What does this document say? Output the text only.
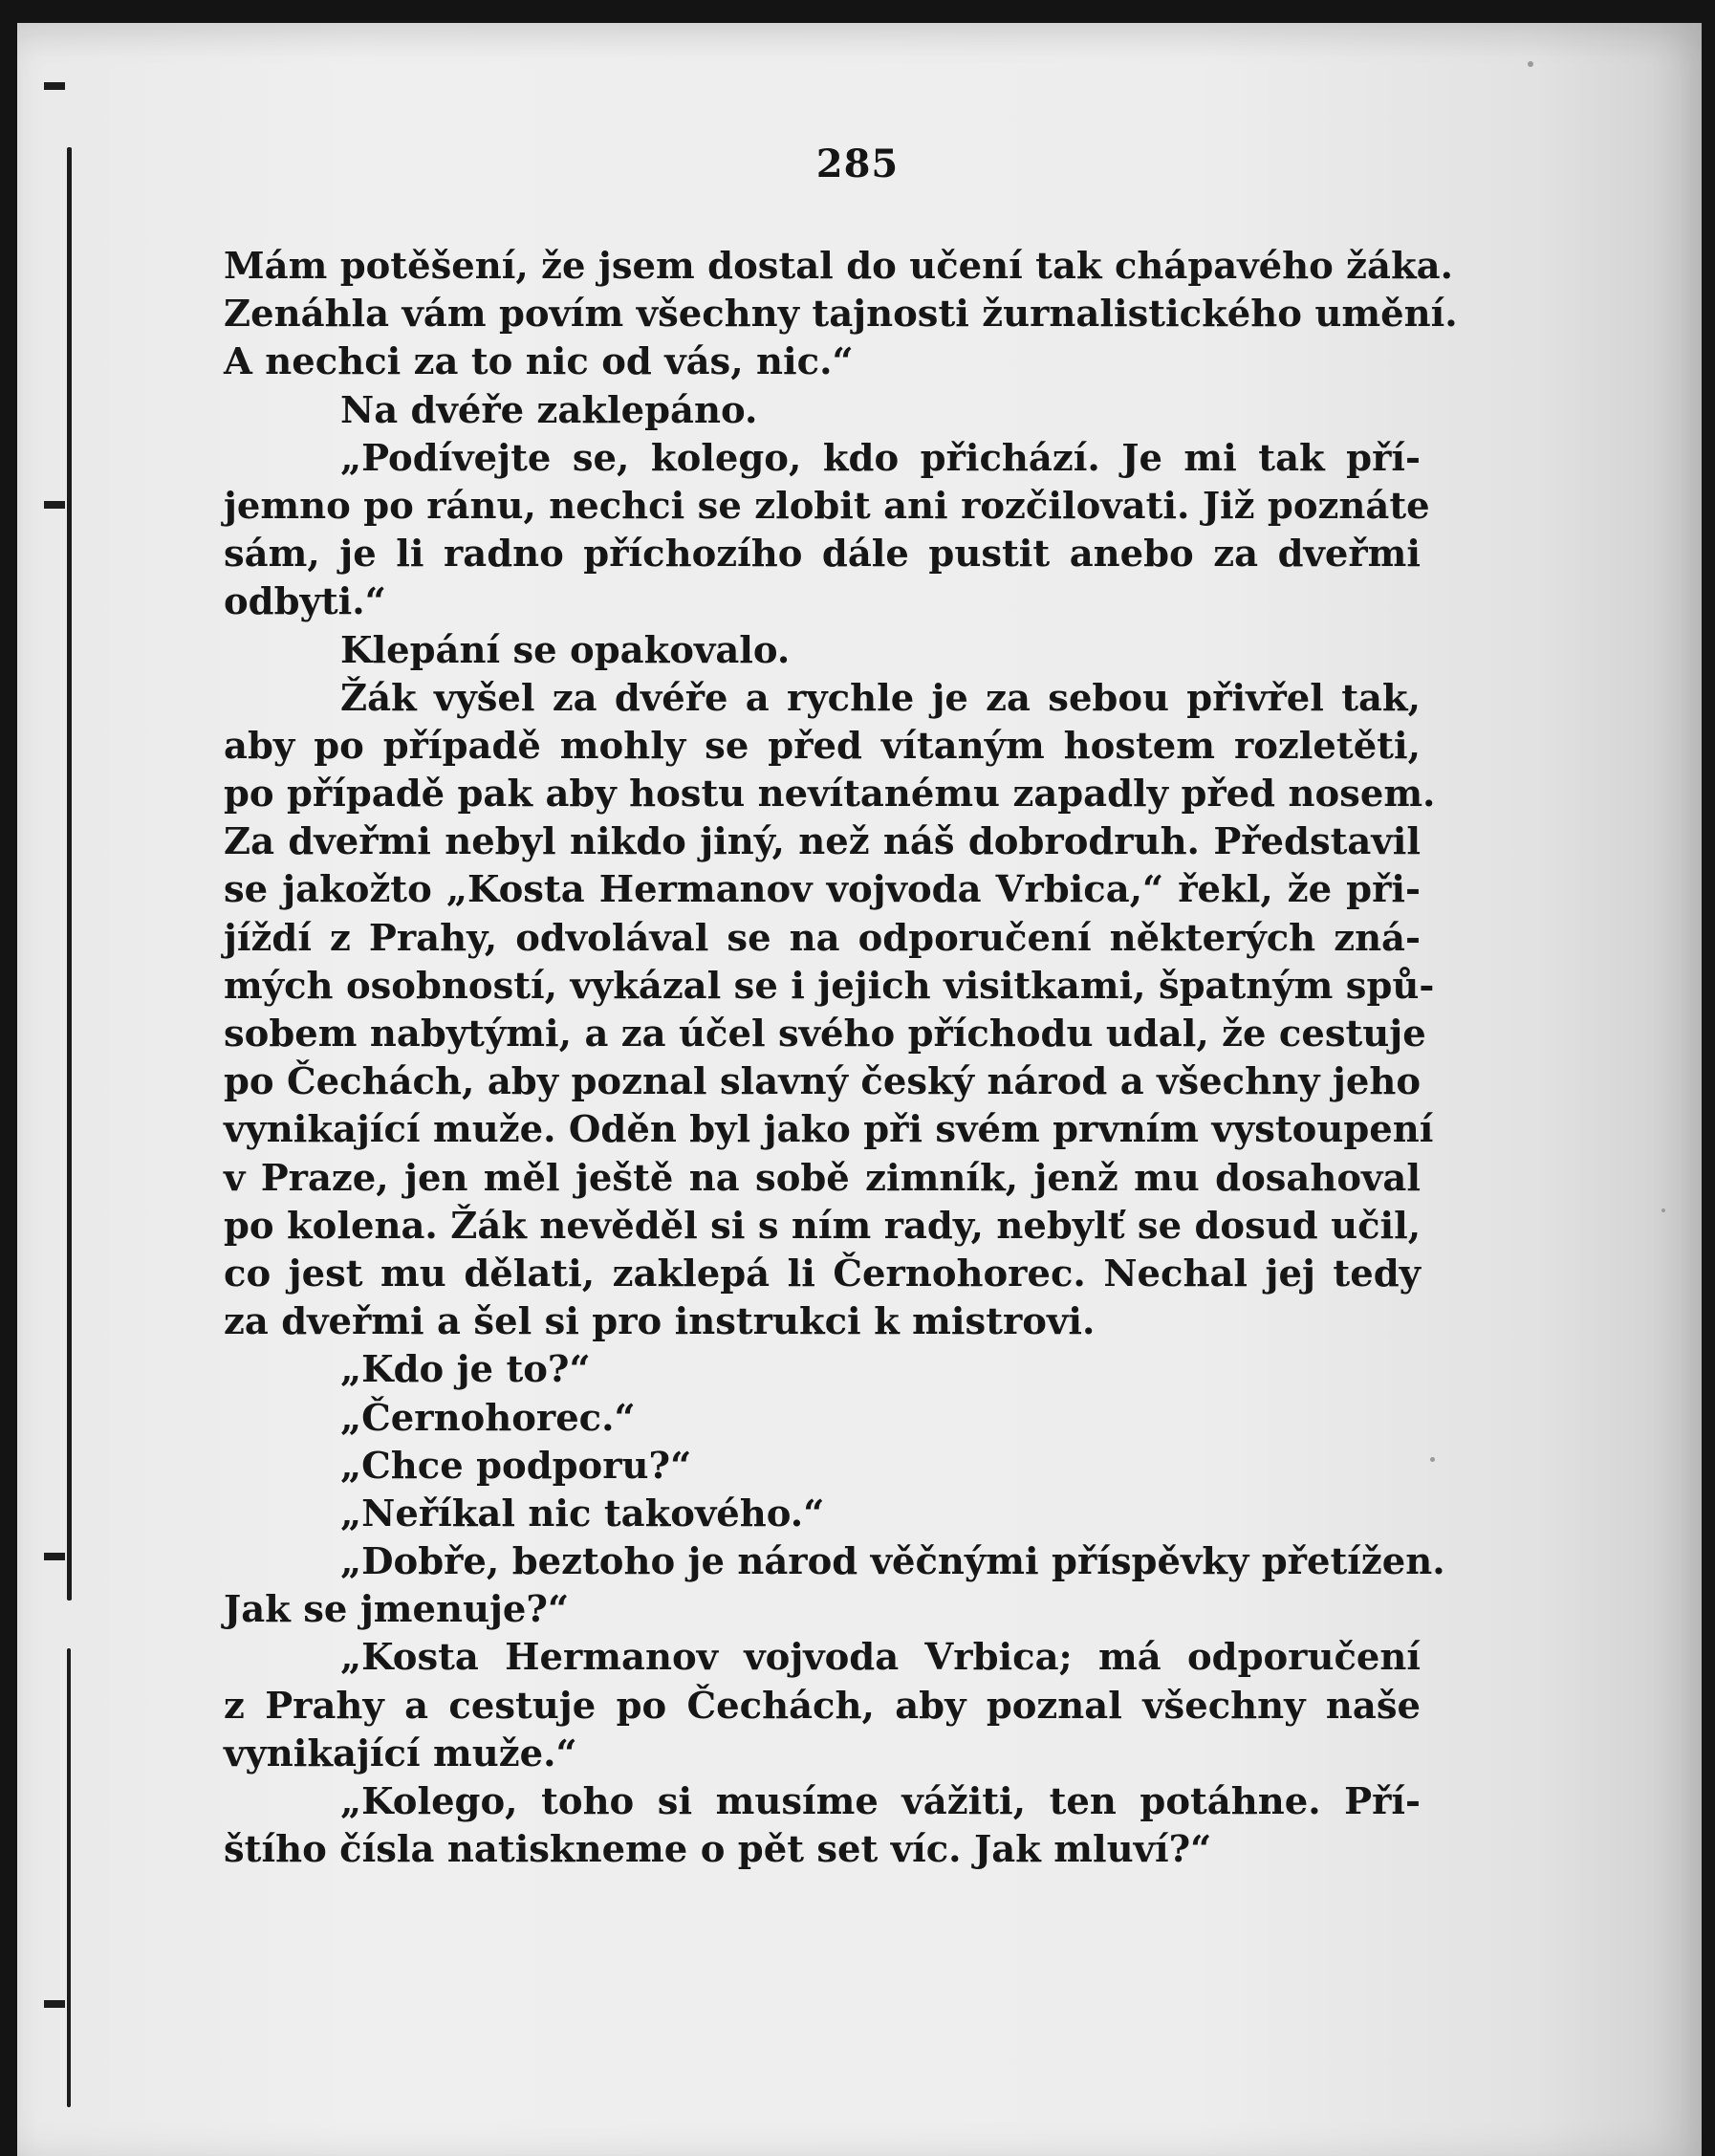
285
Mám potěšení, že jsem dostal do učení tak chápavého žáka.
Zenáhla vám povím všechny tajnosti žurnalistického umění.
A nechci za to nic od vás, nic.“
Na dvéře zaklepáno.
„Podívejte se, kolego, kdo přichází. Je mi tak pří-
jemno po ránu, nechci se zlobit ani rozčilovati. Již poznáte
sám, je li radno příchozího dále pustit anebo za dveřmi
odbyti.“
Klepání se opakovalo.
Žák vyšel za dvéře a rychle je za sebou přivřel tak,
aby po případě mohly se před vítaným hostem rozletěti,
po případě pak aby hostu nevítanému zapadly před nosem.
Za dveřmi nebyl nikdo jiný, než náš dobrodruh. Představil
se jakožto „Kosta Hermanov vojvoda Vrbica,“ řekl, že při-
jíždí z Prahy, odvolával se na odporučení některých zná-
mých osobností, vykázal se i jejich visitkami, špatným spů-
sobem nabytými, a za účel svého příchodu udal, že cestuje
po Čechách, aby poznal slavný český národ a všechny jeho
vynikající muže. Oděn byl jako při svém prvním vystoupení
v Praze, jen měl ještě na sobě zimník, jenž mu dosahoval
po kolena. Žák nevěděl si s ním rady, nebylť se dosud učil,
co jest mu dělati, zaklepá li Černohorec. Nechal jej tedy
za dveřmi a šel si pro instrukci k mistrovi.
„Kdo je to?“
„Černohorec.“
„Chce podporu?“
„Neříkal nic takového.“
„Dobře, beztoho je národ věčnými příspěvky přetížen.
Jak se jmenuje?“
„Kosta Hermanov vojvoda Vrbica; má odporučení
z Prahy a cestuje po Čechách, aby poznal všechny naše
vynikající muže.“
„Kolego, toho si musíme vážiti, ten potáhne. Pří-
štího čísla natiskneme o pět set víc. Jak mluví?“
